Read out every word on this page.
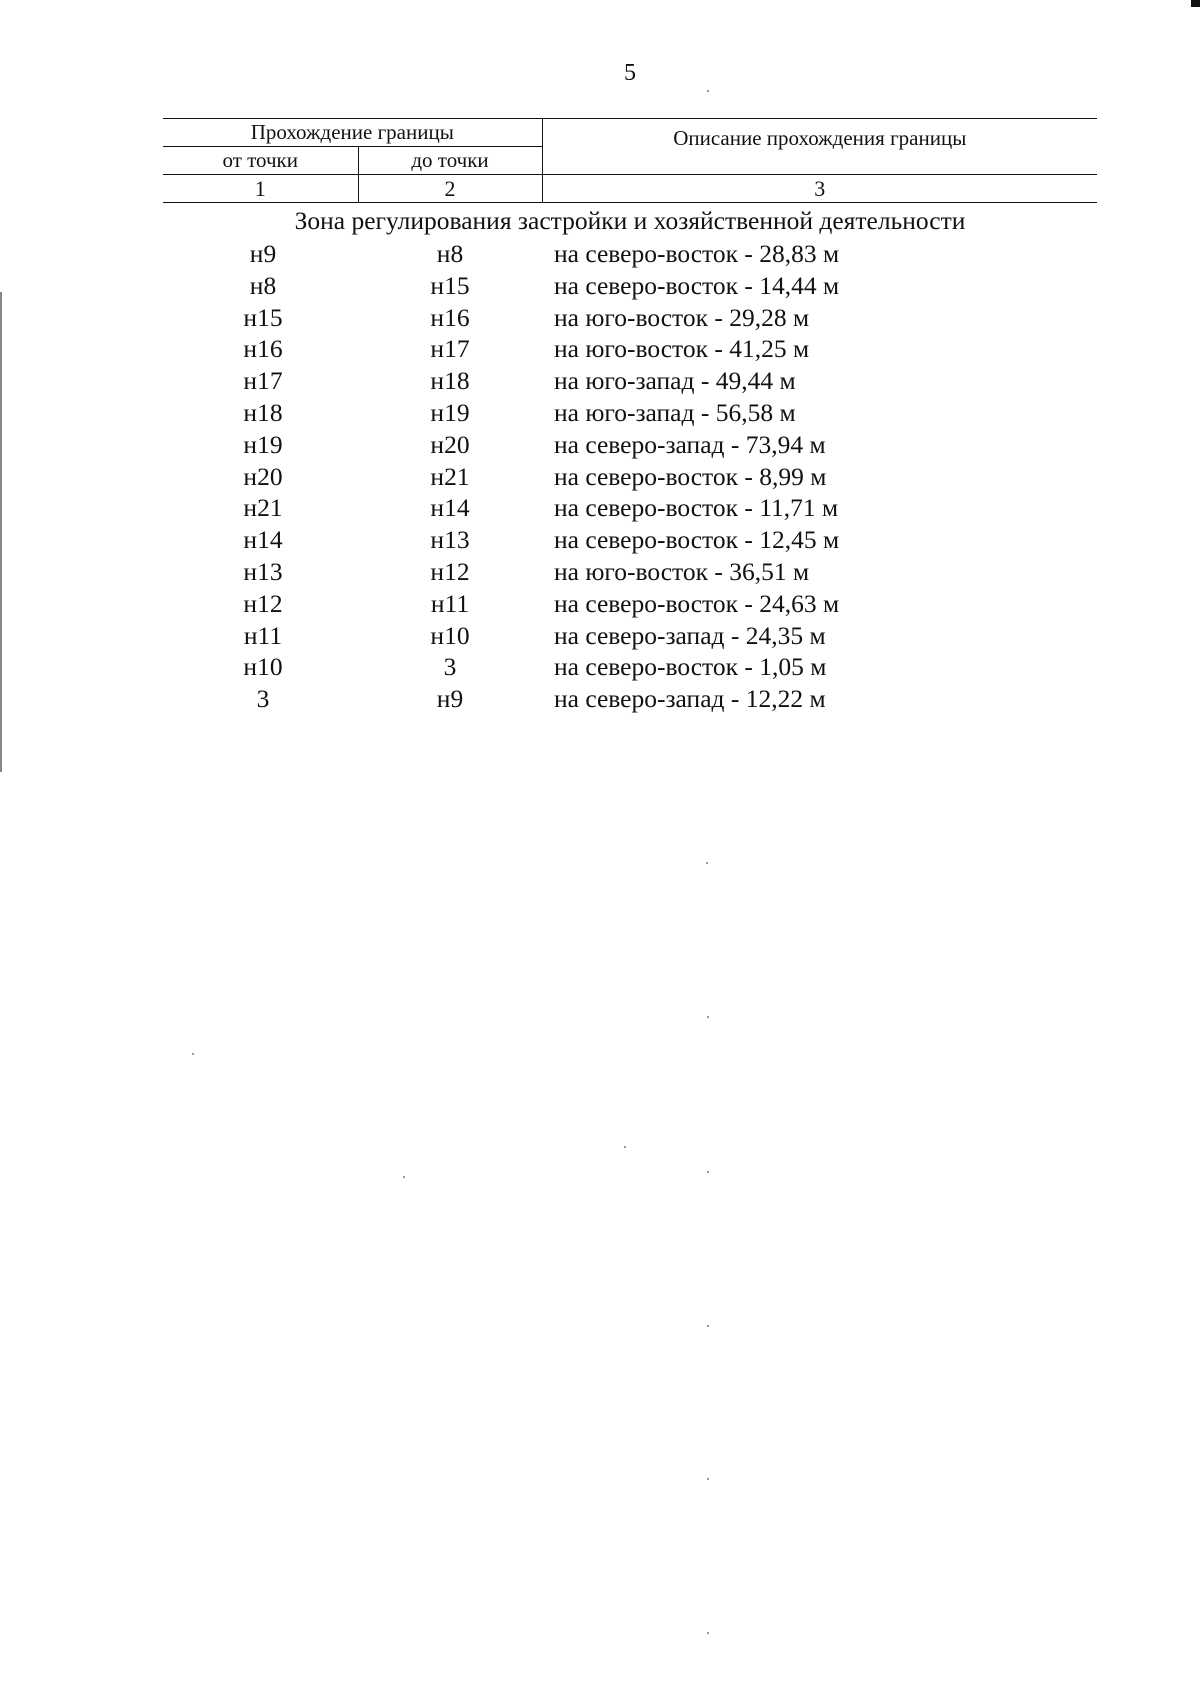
5
Прохождение границы		Описание прохождения границы
от точки	до точки	
1	2	3
Зона регулирования застройки и хозяйственной деятельности
н9	н8	на северо-восток - 28,83 м
н8	н15	на северо-восток - 14,44 м
н15	н16	на юго-восток - 29,28 м
н16	н17	на юго-восток - 41,25 м
н17	н18	на юго-запад - 49,44 м
н18	н19	на юго-запад - 56,58 м
н19	н20	на северо-запад - 73,94 м
н20	н21	на северо-восток - 8,99 м
н21	н14	на северо-восток - 11,71 м
н14	н13	на северо-восток - 12,45 м
н13	н12	на юго-восток - 36,51 м
н12	н11	на северо-восток - 24,63 м
н11	н10	на северо-запад - 24,35 м
н10	3	на северо-восток - 1,05 м
3	н9	на северо-запад - 12,22 м
